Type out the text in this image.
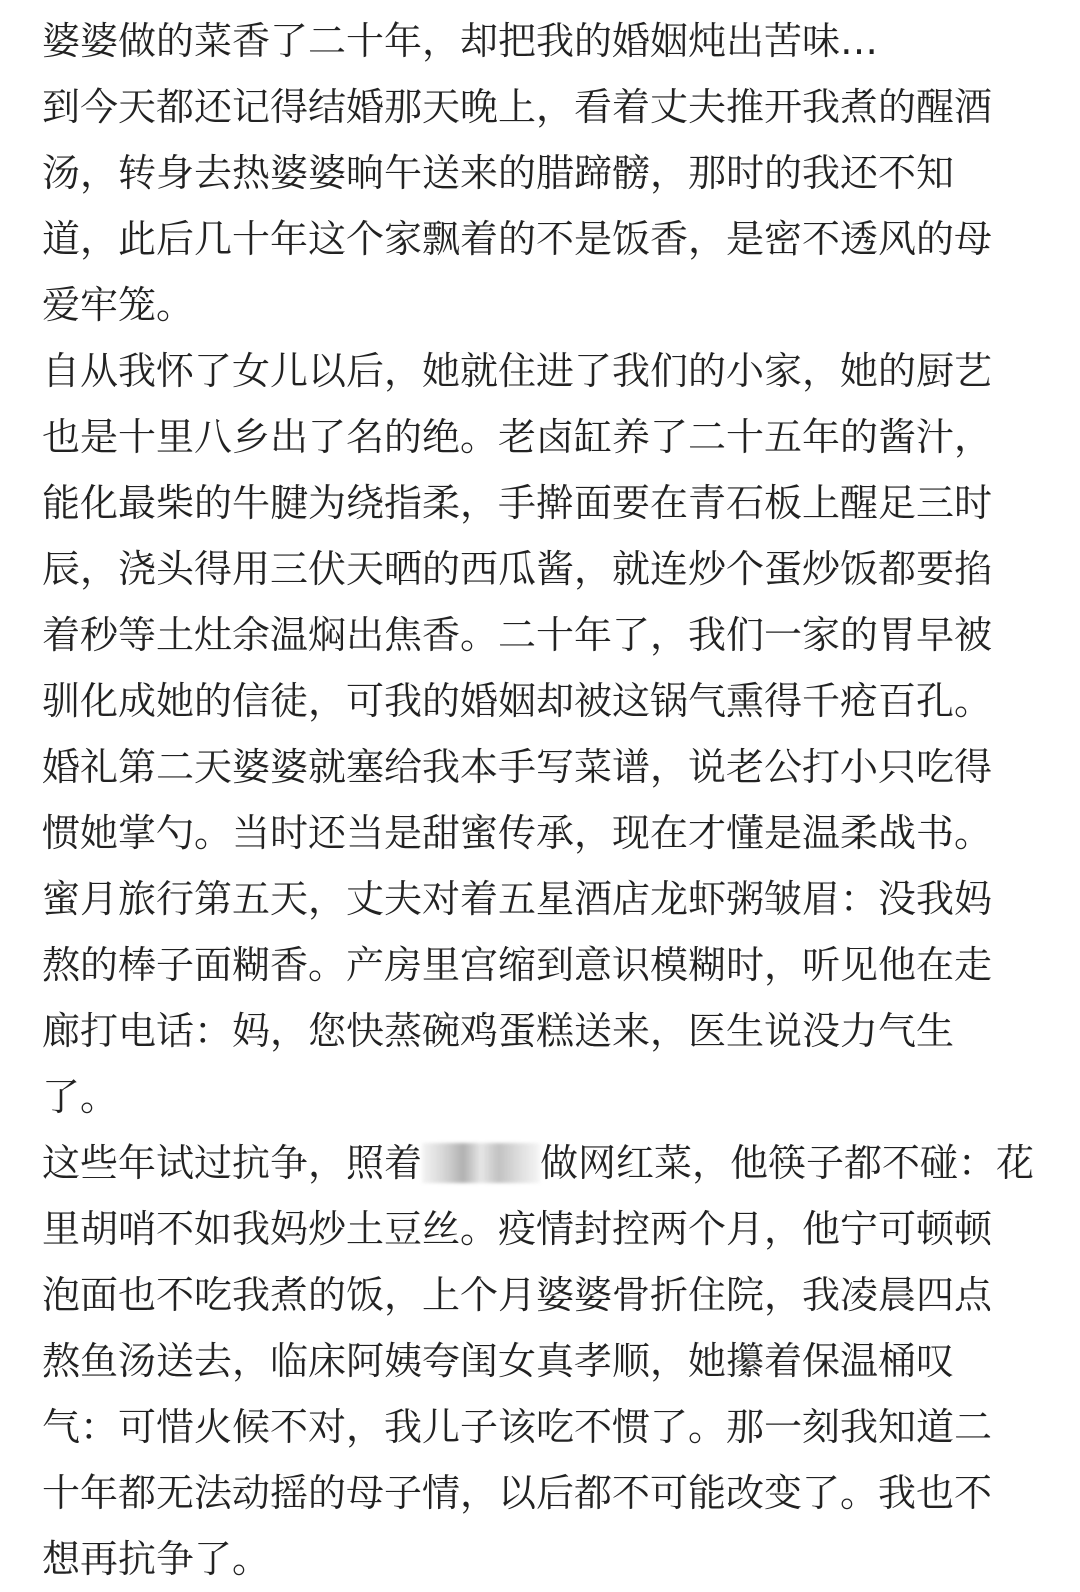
婆婆做的菜香了二十年，却把我的婚姻炖出苦味…
到今天都还记得结婚那天晚上，看着丈夫推开我煮的醒酒
汤，转身去热婆婆晌午送来的腊蹄髈，那时的我还不知
道，此后几十年这个家飘着的不是饭香，是密不透风的母
爱牢笼。
自从我怀了女儿以后，她就住进了我们的小家，她的厨艺
也是十里八乡出了名的绝。老卤缸养了二十五年的酱汁，
能化最柴的牛腱为绕指柔，手擀面要在青石板上醒足三时
辰，浇头得用三伏天晒的西瓜酱，就连炒个蛋炒饭都要掐
着秒等土灶余温焖出焦香。二十年了，我们一家的胃早被
驯化成她的信徒，可我的婚姻却被这锅气熏得千疮百孔。
婚礼第二天婆婆就塞给我本手写菜谱，说老公打小只吃得
惯她掌勺。当时还当是甜蜜传承，现在才懂是温柔战书。
蜜月旅行第五天，丈夫对着五星酒店龙虾粥皱眉：没我妈
熬的棒子面糊香。产房里宫缩到意识模糊时，听见他在走
廊打电话：妈，您快蒸碗鸡蛋糕送来，医生说没力气生
了。
这些年试过抗争，照着	做网红菜，他筷子都不碰：花
里胡哨不如我妈炒土豆丝。疫情封控两个月，他宁可顿顿
泡面也不吃我煮的饭，上个月婆婆骨折住院，我凌晨四点
熬鱼汤送去，临床阿姨夸闺女真孝顺，她攥着保温桶叹
气：可惜火候不对，我儿子该吃不惯了。那一刻我知道二
十年都无法动摇的母子情，以后都不可能改变了。我也不
想再抗争了。
